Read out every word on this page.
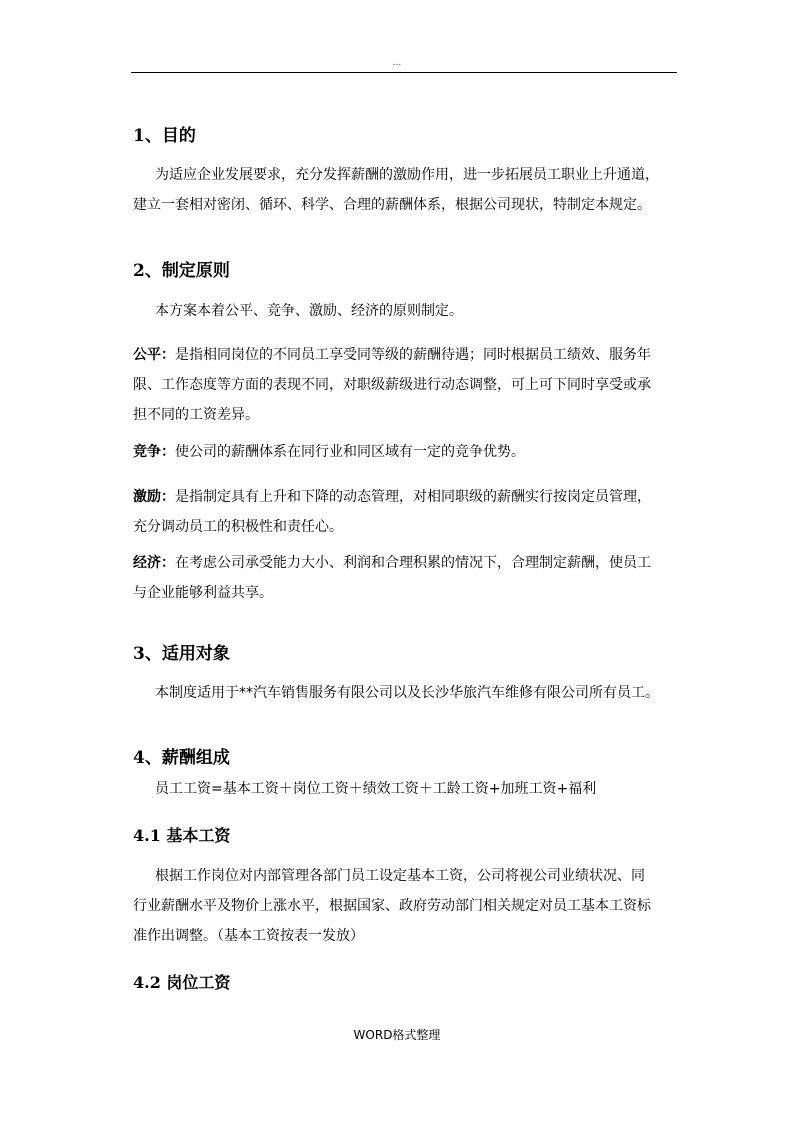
...
1、目的
为适应企业发展要求，充分发挥薪酬的激励作用，进一步拓展员工职业上升通道，
建立一套相对密闭、循环、科学、合理的薪酬体系，根据公司现状，特制定本规定。
2、制定原则
本方案本着公平、竞争、激励、经济的原则制定。
公平：是指相同岗位的不同员工享受同等级的薪酬待遇；同时根据员工绩效、服务年
限、工作态度等方面的表现不同，对职级薪级进行动态调整，可上可下同时享受或承
担不同的工资差异。
竞争：使公司的薪酬体系在同行业和同区域有一定的竞争优势。
激励：是指制定具有上升和下降的动态管理，对相同职级的薪酬实行按岗定员管理，
充分调动员工的积极性和责任心。
经济：在考虑公司承受能力大小、利润和合理积累的情况下，合理制定薪酬，使员工
与企业能够利益共享。
3、适用对象
本制度适用于**汽车销售服务有限公司以及长沙华旅汽车维修有限公司所有员工。
4、薪酬组成
员工工资=基本工资＋岗位工资＋绩效工资＋工龄工资+加班工资+福利
4.1 基本工资
根据工作岗位对内部管理各部门员工设定基本工资，公司将视公司业绩状况、同
行业薪酬水平及物价上涨水平，根据国家、政府劳动部门相关规定对员工基本工资标
准作出调整。（基本工资按表一发放）
4.2 岗位工资
WORD格式整理
